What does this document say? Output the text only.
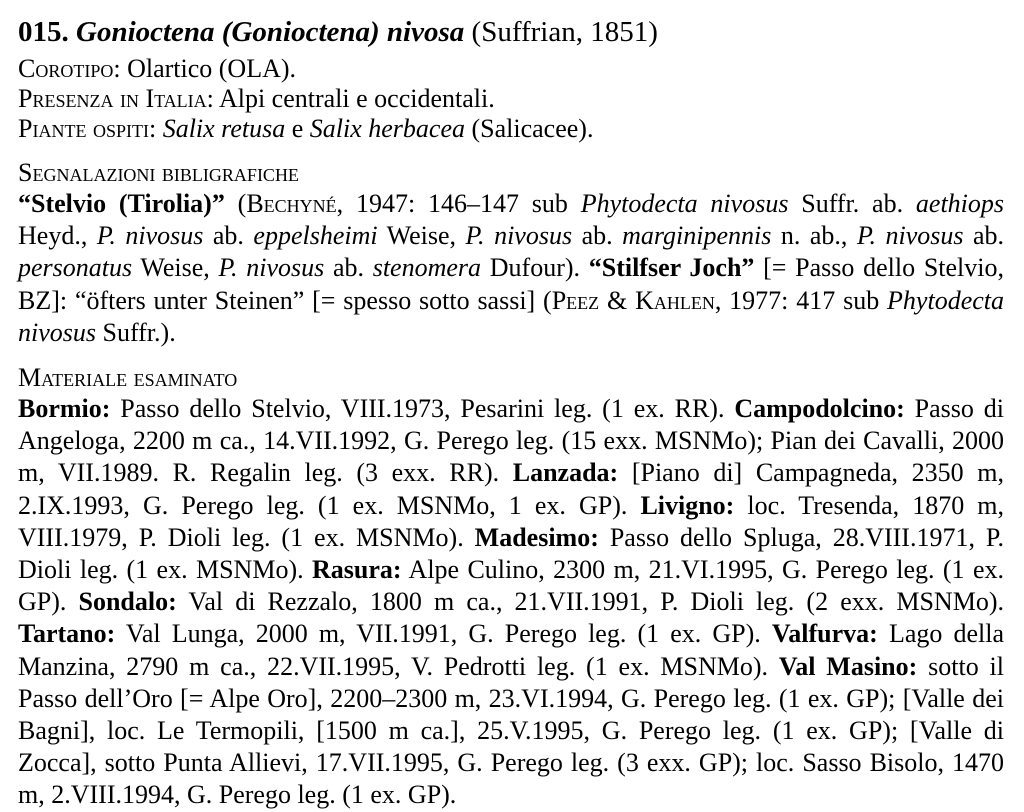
015. Gonioctena (Gonioctena) nivosa (Suffrian, 1851)
Corotipo: Olartico (OLA).
Presenza in Italia: Alpi centrali e occidentali.
Piante ospiti: Salix retusa e Salix herbacea (Salicacee).
Segnalazioni bibligrafiche

“Stelvio (Tirolia)” (Bechyné, 1947: 146–147 sub Phytodecta nivosus Suffr. ab. aethiops Heyd., P. nivosus ab. eppelsheimi Weise, P. nivosus ab. marginipennis n. ab., P. nivosus ab. personatus Weise, P. nivosus ab. stenomera Dufour). “Stilfser Joch” [= Passo dello Stelvio, BZ]: “öfters unter Steinen” [= spesso sotto sassi] (Peez & Kahlen, 1977: 417 sub Phytodecta nivosus Suffr.).

Materiale esaminato

Bormio: Passo dello Stelvio, VIII.1973, Pesarini leg. (1 ex. RR). Campodolcino: Passo di Angeloga, 2200 m ca., 14.VII.1992, G. Perego leg. (15 exx. MSNMo); Pian dei Cavalli, 2000 m, VII.1989. R. Regalin leg. (3 exx. RR). Lanzada: [Piano di] Campagneda, 2350 m, 2.IX.1993, G. Perego leg. (1 ex. MSNMo, 1 ex. GP). Livigno: loc. Tresenda, 1870 m, VIII.1979, P. Dioli leg. (1 ex. MSNMo). Madesimo: Passo dello Spluga, 28.VIII.1971, P. Dioli leg. (1 ex. MSNMo). Rasura: Alpe Culino, 2300 m, 21.VI.1995, G. Perego leg. (1 ex. GP). Sondalo: Val di Rezzalo, 1800 m ca., 21.VII.1991, P. Dioli leg. (2 exx. MSNMo). Tartano: Val Lunga, 2000 m, VII.1991, G. Perego leg. (1 ex. GP). Valfurva: Lago della Manzina, 2790 m ca., 22.VII.1995, V. Pedrotti leg. (1 ex. MSNMo). Val Masino: sotto il Passo dell’Oro [= Alpe Oro], 2200–2300 m, 23.VI.1994, G. Perego leg. (1 ex. GP); [Valle dei Bagni], loc. Le Termopili, [1500 m ca.], 25.V.1995, G. Perego leg. (1 ex. GP); [Valle di Zocca], sotto Punta Allievi, 17.VII.1995, G. Perego leg. (3 exx. GP); loc. Sasso Bisolo, 1470 m, 2.VIII.1994, G. Perego leg. (1 ex. GP).
